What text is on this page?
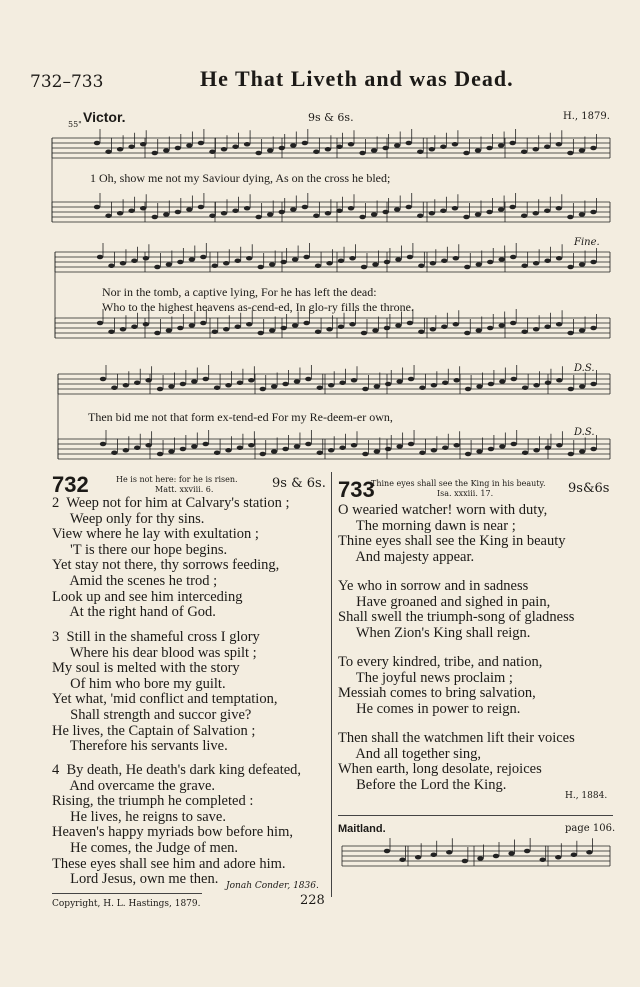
732–733	He That Liveth and was Dead.
55" Victor.	9s & 6s.	H., 1879.
1 Oh, show me not my Saviour dying, As on the cross he bled;
Nor in the tomb, a captive lying, For he has left the dead:
Who to the highest heavens as-cend-ed, In glo-ry fills the throne.
Then bid me not that form ex-tend-ed For my Re-deem-er own,
Fine.
D.S.
D.S.
732	He is not here: for he is risen.
Matt. xxviii. 6.	9s & 6s.
2  Weep not for him at Calvary's station ;
Weep only for thy sins.
View where he lay with exultation ;
'T is there our hope begins.
Yet stay not there, thy sorrows feeding,
Amid the scenes he trod ;
Look up and see him interceding
At the right hand of God.
3  Still in the shameful cross I glory
Where his dear blood was spilt ;
My soul is melted with the story
Of him who bore my guilt.
Yet what, 'mid conflict and temptation,
Shall strength and succor give?
He lives, the Captain of Salvation ;
Therefore his servants live.
4  By death, He death's dark king defeated,
And overcame the grave.
Rising, the triumph he completed :
He lives, he reigns to save.
Heaven's happy myriads bow before him,
He comes, the Judge of men.
These eyes shall see him and adore him.
Lord Jesus, own me then. Jonah Conder, 1836.
733
Thine eyes shall see the King in his beauty.
Isa. xxxiii. 17.	9s&6s
O wearied watcher! worn with duty,
The morning dawn is near ;
Thine eyes shall see the King in beauty
And majesty appear.
Ye who in sorrow and in sadness
Have groaned and sighed in pain,
Shall swell the triumph-song of gladness
When Zion's King shall reign.
To every kindred, tribe, and nation,
The joyful news proclaim ;
Messiah comes to bring salvation,
He comes in power to reign.
Then shall the watchmen lift their voices
And all together sing,
When earth, long desolate, rejoices
Before the Lord the King.
H., 1884.
Maitland.	page 106.
Copyright, H. L. Hastings, 1879.	228
